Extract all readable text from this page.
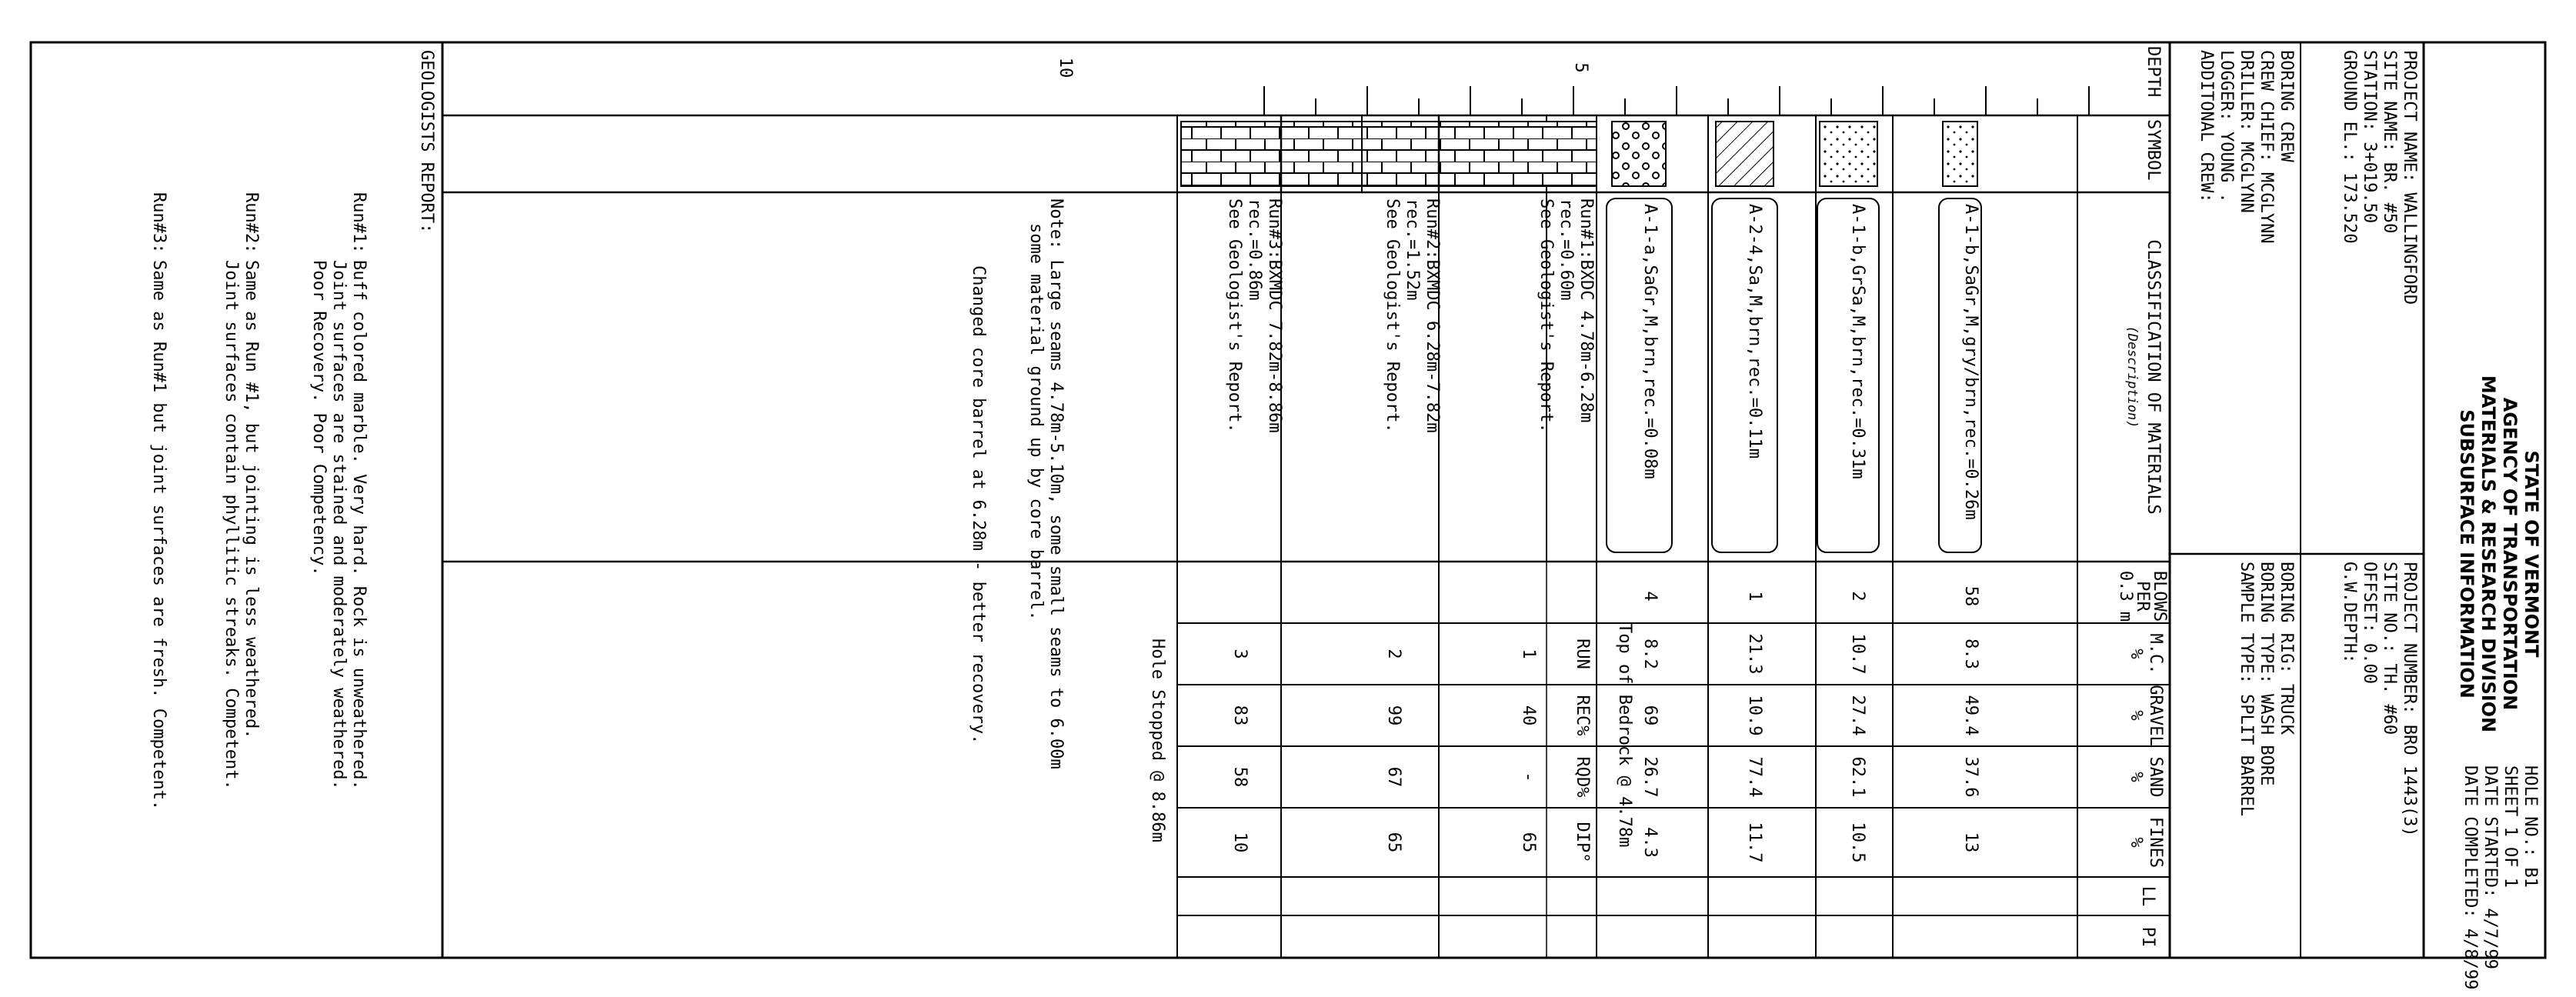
5
10
STATE OF VERMONT
AGENCY OF TRANSPORTATION
MATERIALS & RESEARCH DIVISION
SUBSURFACE INFORMATION
HOLE NO.: B1
SHEET 1 OF 1
DATE STARTED: 4/7/99
DATE COMPLETED: 4/8/99
PROJECT NAME: WALLINGFORD
SITE NAME: BR. #50
STATION: 3+019.50
GROUND EL.: 173.520
PROJECT NUMBER: BRO 1443(3)
SITE NO.: TH. #60
OFFSET: 0.00
G.W.DEPTH:
BORING CREW
CREW CHIEF: MCGLYNN
DRILLER: MCGLYNN
LOGGER: YOUNG .
ADDITONAL CREW:
BORING RIG: TRUCK
BORING TYPE: WASH BORE
SAMPLE TYPE: SPLIT BARREL
DEPTH
SYMBOL
CLASSIFICATION OF MATERIALS
(Description)
BLOWS
PER
0.3 m
M.C.
%
GRAVEL
%
SAND
%
FINES
%
LL
PI
A-1-b,SaGr,M,gry/brn,rec.=0.26m
58
8.3
49.4
37.6
13
A-1-b,GrSa,M,brn,rec.=0.31m
2
10.7
27.4
62.1
10.5
A-2-4,Sa,M,brn,rec.=0.11m
1
21.3
10.9
77.4
11.7
A-1-a,SaGr,M,brn,rec.=0.08m
4
8.2
69
26.7
4.3
Top of Bedrock @ 4.78m
RUN
REC%
RQD%
DIP°
Run#1:BXDC 4.78m-6.28m
rec.=0.60m
See Geologist's Report.
1
40
-
65
Run#2:BXMDC 6.28m-7.82m
rec.=1.52m
See Geologist's Report.
2
99
67
65
Run#3:BXMDC 7.82m-8.86m
rec.=0.86m
See Geologist's Report.
3
83
58
10
Hole Stopped @ 8.86m
Note: Large seams 4.78m-5.10m, some small seams to 6.00m
some material ground up by core barrel.
Changed core barrel at 6.28m - better recovery.
GEOLOGISTS REPORT:
Run#1:
Buff colored marble. Very hard. Rock is unweathered.
Joint surfaces are stained and moderately weathered.
Poor Recovery. Poor Competency.
Run#2:
Same as Run #1, but jointing is less weathered.
Joint surfaces contain phyllitic streaks. Competent.
Run#3:
Same as Run#1 but joint surfaces are fresh. Competent.
